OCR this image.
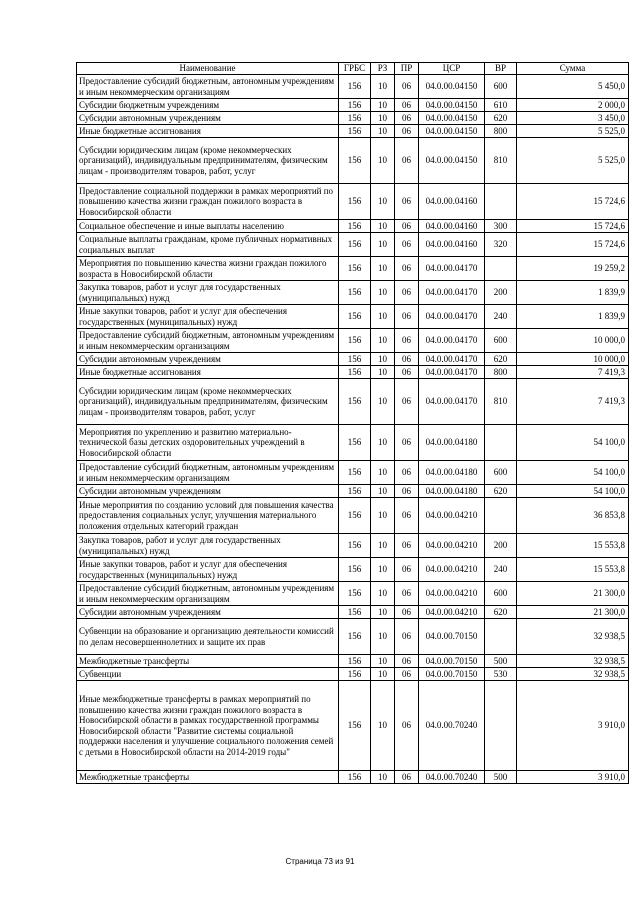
Наименование	ГРБС	РЗ	ПР	ЦСР	ВР	Сумма
Предоставление субсидий бюджетным, автономным учреждениям и иным некоммерческим организациям	156	10	06	04.0.00.04150	600	5 450,0
Субсидии бюджетным учреждениям	156	10	06	04.0.00.04150	610	2 000,0
Субсидии автономным учреждениям	156	10	06	04.0.00.04150	620	3 450,0
Иные бюджетные ассигнования	156	10	06	04.0.00.04150	800	5 525,0
Субсидии юридическим лицам (кроме некоммерческих организаций), индивидуальным предпринимателям, физическим лицам - производителям товаров, работ, услуг	156	10	06	04.0.00.04150	810	5 525,0
Предоставление социальной поддержки в рамках мероприятий по повышению качества жизни граждан пожилого возраста в Новосибирской области	156	10	06	04.0.00.04160		15 724,6
Социальное обеспечение и иные выплаты населению	156	10	06	04.0.00.04160	300	15 724,6
Социальные выплаты гражданам, кроме публичных нормативных социальных выплат	156	10	06	04.0.00.04160	320	15 724,6
Мероприятия по повышению качества жизни граждан пожилого возраста в Новосибирской области	156	10	06	04.0.00.04170		19 259,2
Закупка товаров, работ и услуг для государственных (муниципальных) нужд	156	10	06	04.0.00.04170	200	1 839,9
Иные закупки товаров, работ и услуг для обеспечения государственных (муниципальных) нужд	156	10	06	04.0.00.04170	240	1 839,9
Предоставление субсидий бюджетным, автономным учреждениям и иным некоммерческим организациям	156	10	06	04.0.00.04170	600	10 000,0
Субсидии автономным учреждениям	156	10	06	04.0.00.04170	620	10 000,0
Иные бюджетные ассигнования	156	10	06	04.0.00.04170	800	7 419,3
Субсидии юридическим лицам (кроме некоммерческих организаций), индивидуальным предпринимателям, физическим лицам - производителям товаров, работ, услуг	156	10	06	04.0.00.04170	810	7 419,3
Мероприятия по укреплению и развитию материально-технической базы детских оздоровительных учреждений в Новосибирской области	156	10	06	04.0.00.04180		54 100,0
Предоставление субсидий бюджетным, автономным учреждениям и иным некоммерческим организациям	156	10	06	04.0.00.04180	600	54 100,0
Субсидии автономным учреждениям	156	10	06	04.0.00.04180	620	54 100,0
Иные мероприятия по созданию условий для повышения качества предоставления социальных услуг, улучшения материального положения отдельных категорий граждан	156	10	06	04.0.00.04210		36 853,8
Закупка товаров, работ и услуг для государственных (муниципальных) нужд	156	10	06	04.0.00.04210	200	15 553,8
Иные закупки товаров, работ и услуг для обеспечения государственных (муниципальных) нужд	156	10	06	04.0.00.04210	240	15 553,8
Предоставление субсидий бюджетным, автономным учреждениям и иным некоммерческим организациям	156	10	06	04.0.00.04210	600	21 300,0
Субсидии автономным учреждениям	156	10	06	04.0.00.04210	620	21 300,0
Субвенции на образование и организацию деятельности комиссий по делам несовершеннолетних и защите их прав	156	10	06	04.0.00.70150		32 938,5
Межбюджетные трансферты	156	10	06	04.0.00.70150	500	32 938,5
Субвенции	156	10	06	04.0.00.70150	530	32 938,5
Иные межбюджетные трансферты в рамках мероприятий по повышению качества жизни граждан пожилого возраста в Новосибирской области в рамках государственной программы Новосибирской области "Развитие системы социальной поддержки населения и улучшение социального положения семей с детьми в Новосибирской области на 2014-2019 годы"	156	10	06	04.0.00.70240		3 910,0
Межбюджетные трансферты	156	10	06	04.0.00.70240	500	3 910,0
Страница 73 из 91
